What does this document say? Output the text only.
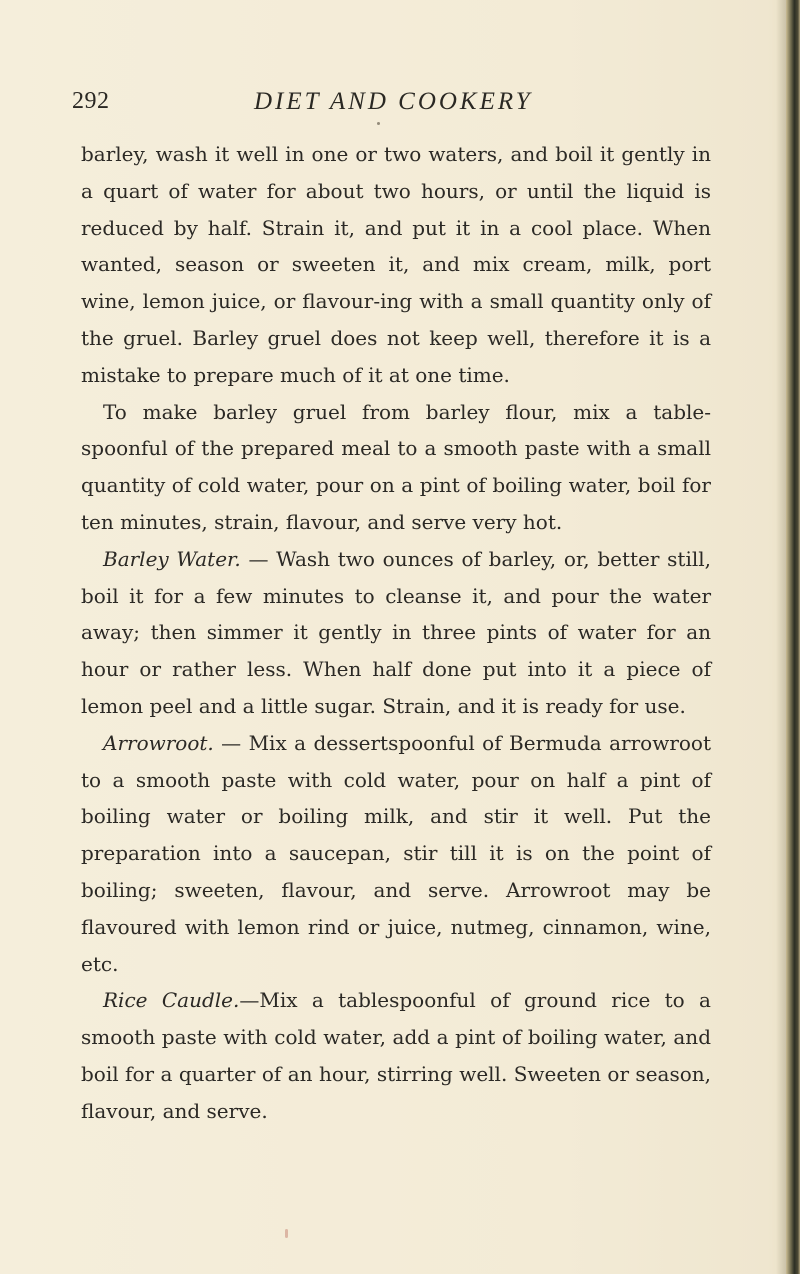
292	DIET AND COOKERY

barley, wash it well in one or two waters, and boil it gently in a quart of water for about two hours, or until the liquid is reduced by half. Strain it, and put it in a cool place. When wanted, season or sweeten it, and mix cream, milk, port wine, lemon juice, or flavour-ing with a small quantity only of the gruel. Barley gruel does not keep well, therefore it is a mistake to prepare much of it at one time.

To make barley gruel from barley flour, mix a table-spoonful of the prepared meal to a smooth paste with a small quantity of cold water, pour on a pint of boiling water, boil for ten minutes, strain, flavour, and serve very hot.

Barley Water. — Wash two ounces of barley, or, better still, boil it for a few minutes to cleanse it, and pour the water away; then simmer it gently in three pints of water for an hour or rather less. When half done put into it a piece of lemon peel and a little sugar. Strain, and it is ready for use.

Arrowroot. — Mix a dessertspoonful of Bermuda arrowroot to a smooth paste with cold water, pour on half a pint of boiling water or boiling milk, and stir it well. Put the preparation into a saucepan, stir till it is on the point of boiling; sweeten, flavour, and serve. Arrowroot may be flavoured with lemon rind or juice, nutmeg, cinnamon, wine, etc.

Rice Caudle.—Mix a tablespoonful of ground rice to a smooth paste with cold water, add a pint of boiling water, and boil for a quarter of an hour, stirring well. Sweeten or season, flavour, and serve.
